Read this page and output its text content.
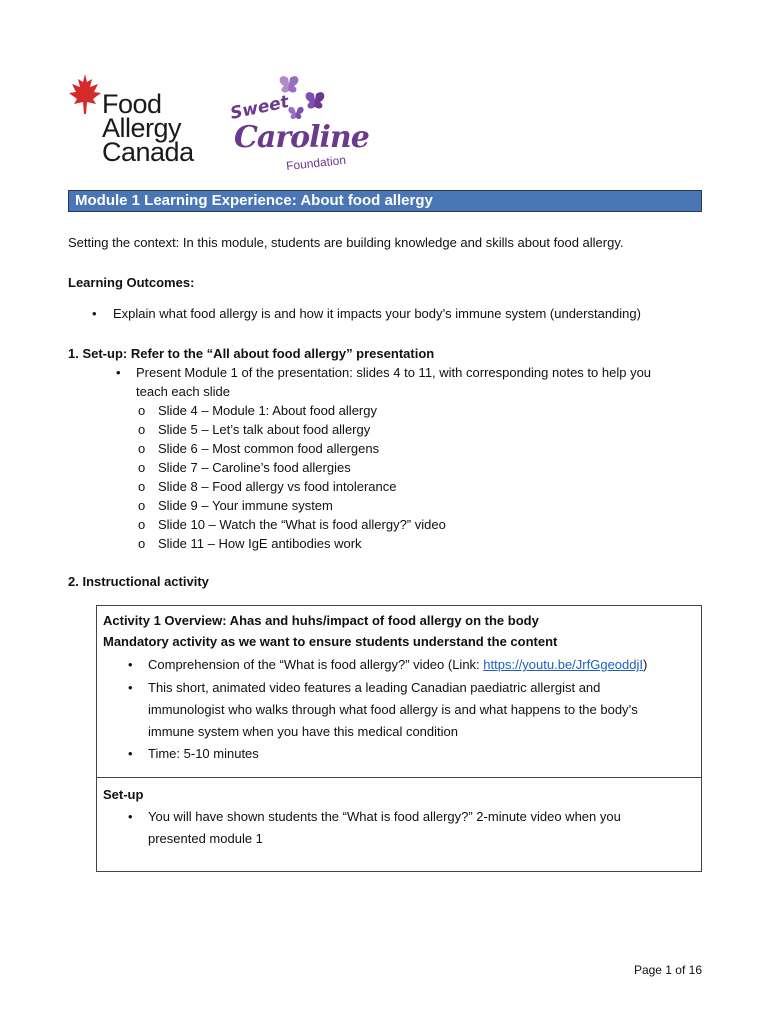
Food
Allergy
Canada
Sweet
Caroline
Foundation
Module 1 Learning Experience: About food allergy
Setting the context: In this module, students are building knowledge and skills about food allergy.
Learning Outcomes:
• Explain what food allergy is and how it impacts your body’s immune system (understanding)
1. Set-up: Refer to the “All about food allergy” presentation
• Present Module 1 of the presentation: slides 4 to 11, with corresponding notes to help you
teach each slide
o Slide 4 – Module 1: About food allergy
o Slide 5 – Let’s talk about food allergy
o Slide 6 – Most common food allergens
o Slide 7 – Caroline’s food allergies
o Slide 8 – Food allergy vs food intolerance
o Slide 9 – Your immune system
o Slide 10 – Watch the “What is food allergy?” video
o Slide 11 – How IgE antibodies work
2. Instructional activity
Activity 1 Overview: Ahas and huhs/impact of food allergy on the body
Mandatory activity as we want to ensure students understand the content
• Comprehension of the “What is food allergy?” video (Link: https://youtu.be/JrfGgeoddjI)
• This short, animated video features a leading Canadian paediatric allergist and
immunologist who walks through what food allergy is and what happens to the body’s
immune system when you have this medical condition
• Time: 5-10 minutes
Set-up
• You will have shown students the “What is food allergy?” 2-minute video when you
presented module 1
Page 1 of 16
